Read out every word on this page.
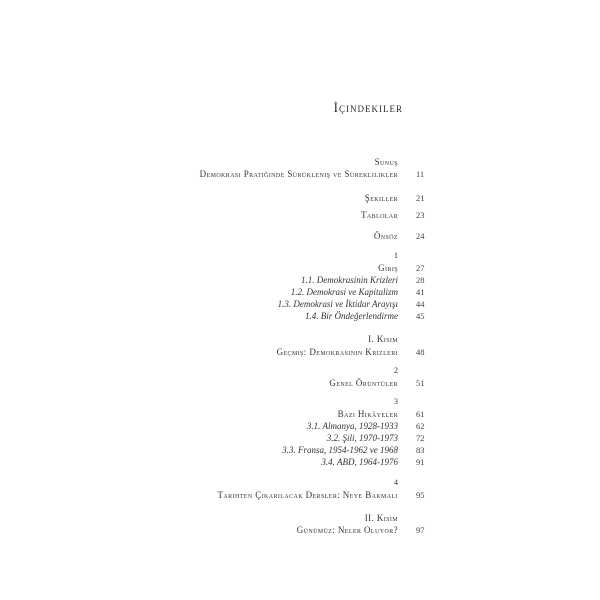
İçindekiler
Sunuş
Demokrasi Pratiğinde Sürükleniş ve Süreklilikler 11
Şekiller 21
Tablolar 23
Önsöz 24
1
Giriş 27
1.1. Demokrasinin Krizleri 28
1.2. Demokrasi ve Kapitalizm 41
1.3. Demokrasi ve İktidar Arayışı 44
1.4. Bir Öndeğerlendirme 45
I. Kısım
Geçmiş: Demokrasinin Krizleri 48
2
Genel Örüntüler 51
3
Bazı Hikâyeler 61
3.1. Almanya, 1928-1933 62
3.2. Şili, 1970-1973 72
3.3. Fransa, 1954-1962 ve 1968 83
3.4. ABD, 1964-1976 91
4
Tarihten Çıkarılacak Dersler: Neye Bakmalı 95
II. Kısım
Günümüz: Neler Oluyor? 97
